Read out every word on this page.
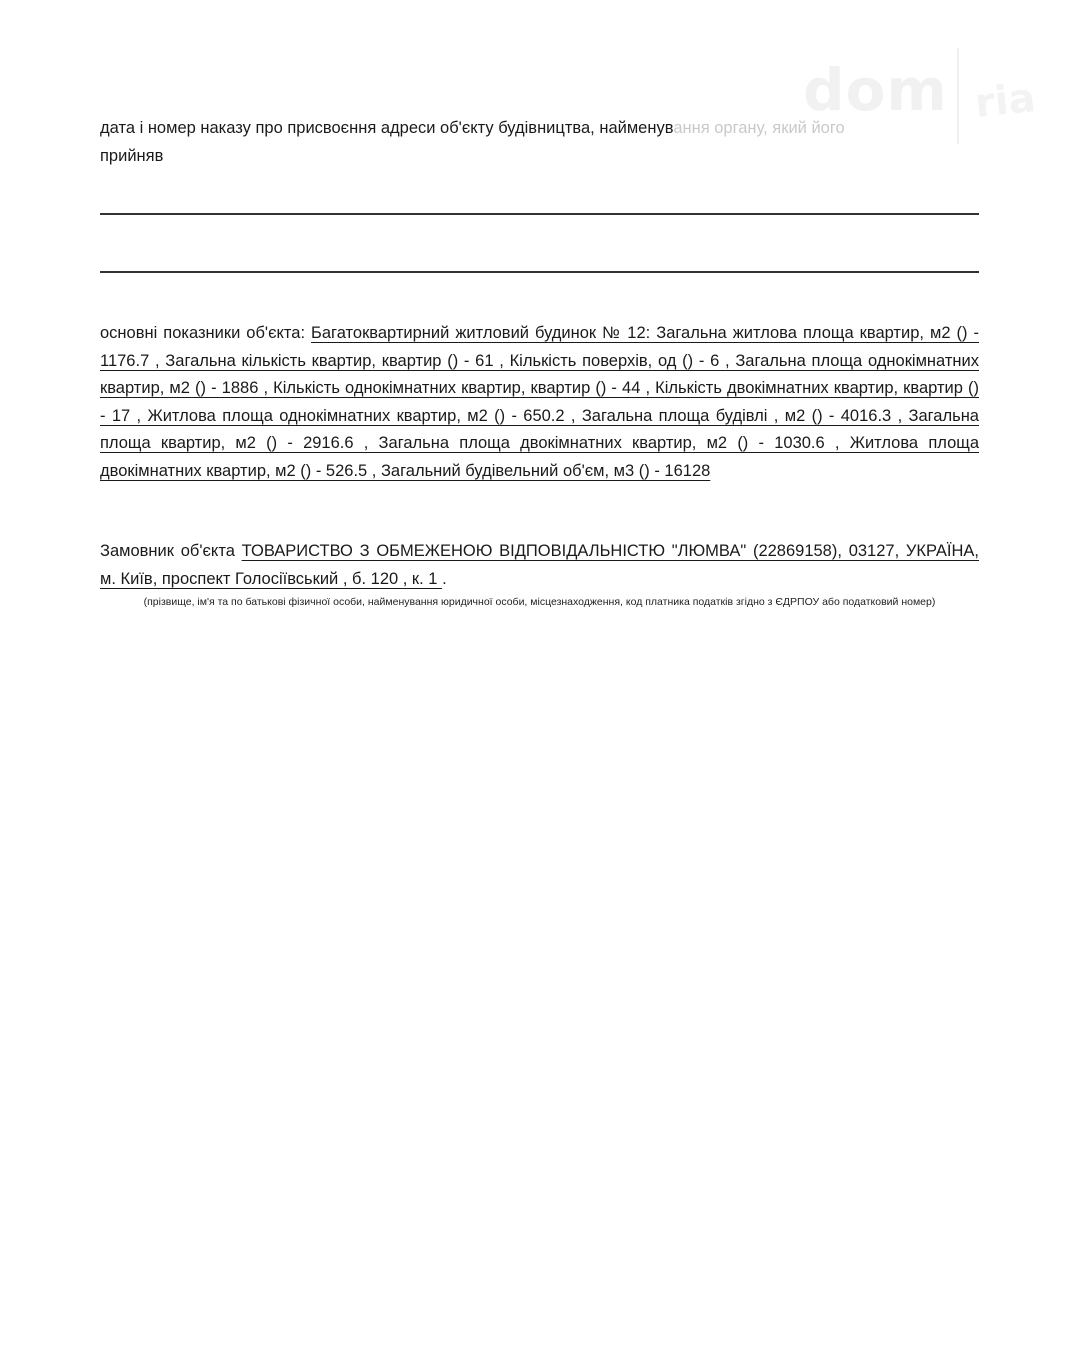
dom ria
дата і номер наказу про присвоєння адреси об'єкту будівництва, найменування органу, який його
прийняв
основні показники об'єкта: Багатоквартирний житловий будинок № 12: Загальна житлова площа квартир, м2 () - 1176.7 , Загальна кількість квартир, квартир () - 61 , Кількість поверхів, од () - 6 , Загальна площа однокімнатних квартир, м2 () - 1886 , Кількість однокімнатних квартир, квартир () - 44 , Кількість двокімнатних квартир, квартир () - 17 , Житлова площа однокімнатних квартир, м2 () - 650.2 , Загальна площа будівлі , м2 () - 4016.3 , Загальна площа квартир, м2 () - 2916.6 , Загальна площа двокімнатних квартир, м2 () - 1030.6 , Житлова площа двокімнатних квартир, м2 () - 526.5 , Загальний будівельний об'єм, м3 () - 16128
Замовник об'єкта ТОВАРИСТВО З ОБМЕЖЕНОЮ ВІДПОВІДАЛЬНІСТЮ "ЛЮМВА" (22869158), 03127, УКРАЇНА, м. Київ, проспект Голосіївський , б. 120 , к. 1 .
(прізвище, ім'я та по батькові фізичної особи, найменування юридичної особи, місцезнаходження, код платника податків згідно з ЄДРПОУ або податковий номер)
